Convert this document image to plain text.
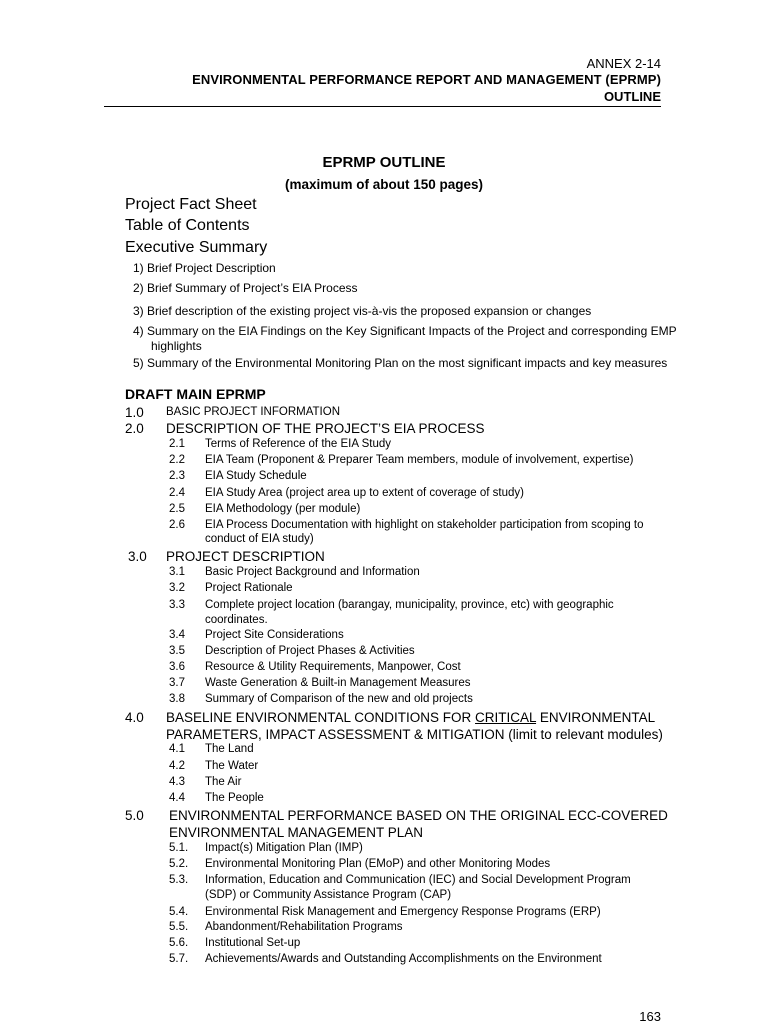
ANNEX 2-14
ENVIRONMENTAL PERFORMANCE REPORT AND MANAGEMENT (EPRMP)
OUTLINE
EPRMP OUTLINE
(maximum of about 150 pages)
Project Fact Sheet
Table of Contents
Executive Summary
1) Brief Project Description
2) Brief Summary of Project’s EIA Process
3) Brief description of the existing project vis-à-vis the proposed expansion or changes
4) Summary on the EIA Findings on the Key Significant Impacts of the Project and corresponding EMP
highlights
5) Summary of the Environmental Monitoring Plan on the most significant impacts and key measures
DRAFT MAIN EPRMP
1.0 BASIC PROJECT INFORMATION
2.0 DESCRIPTION OF THE PROJECT’S EIA PROCESS
2.1 Terms of Reference of the EIA Study
2.2 EIA Team (Proponent & Preparer Team members, module of involvement, expertise)
2.3 EIA Study Schedule
2.4 EIA Study Area (project area up to extent of coverage of study)
2.5 EIA Methodology (per module)
2.6 EIA Process Documentation with highlight on stakeholder participation from scoping to
conduct of EIA study)
3.0 PROJECT DESCRIPTION
3.1 Basic Project Background and Information
3.2 Project Rationale
3.3 Complete project location (barangay, municipality, province, etc) with geographic
coordinates.
3.4 Project Site Considerations
3.5 Description of Project Phases & Activities
3.6 Resource & Utility Requirements, Manpower, Cost
3.7 Waste Generation & Built-in Management Measures
3.8 Summary of Comparison of the new and old projects
4.0 BASELINE ENVIRONMENTAL CONDITIONS FOR CRITICAL ENVIRONMENTAL
PARAMETERS, IMPACT ASSESSMENT & MITIGATION (limit to relevant modules)
4.1 The Land
4.2 The Water
4.3 The Air
4.4 The People
5.0 ENVIRONMENTAL PERFORMANCE BASED ON THE ORIGINAL ECC-COVERED
ENVIRONMENTAL MANAGEMENT PLAN
5.1. Impact(s) Mitigation Plan (IMP)
5.2. Environmental Monitoring Plan (EMoP) and other Monitoring Modes
5.3. Information, Education and Communication (IEC) and Social Development Program
(SDP) or Community Assistance Program (CAP)
5.4. Environmental Risk Management and Emergency Response Programs (ERP)
5.5. Abandonment/Rehabilitation Programs
5.6. Institutional Set-up
5.7. Achievements/Awards and Outstanding Accomplishments on the Environment
163
